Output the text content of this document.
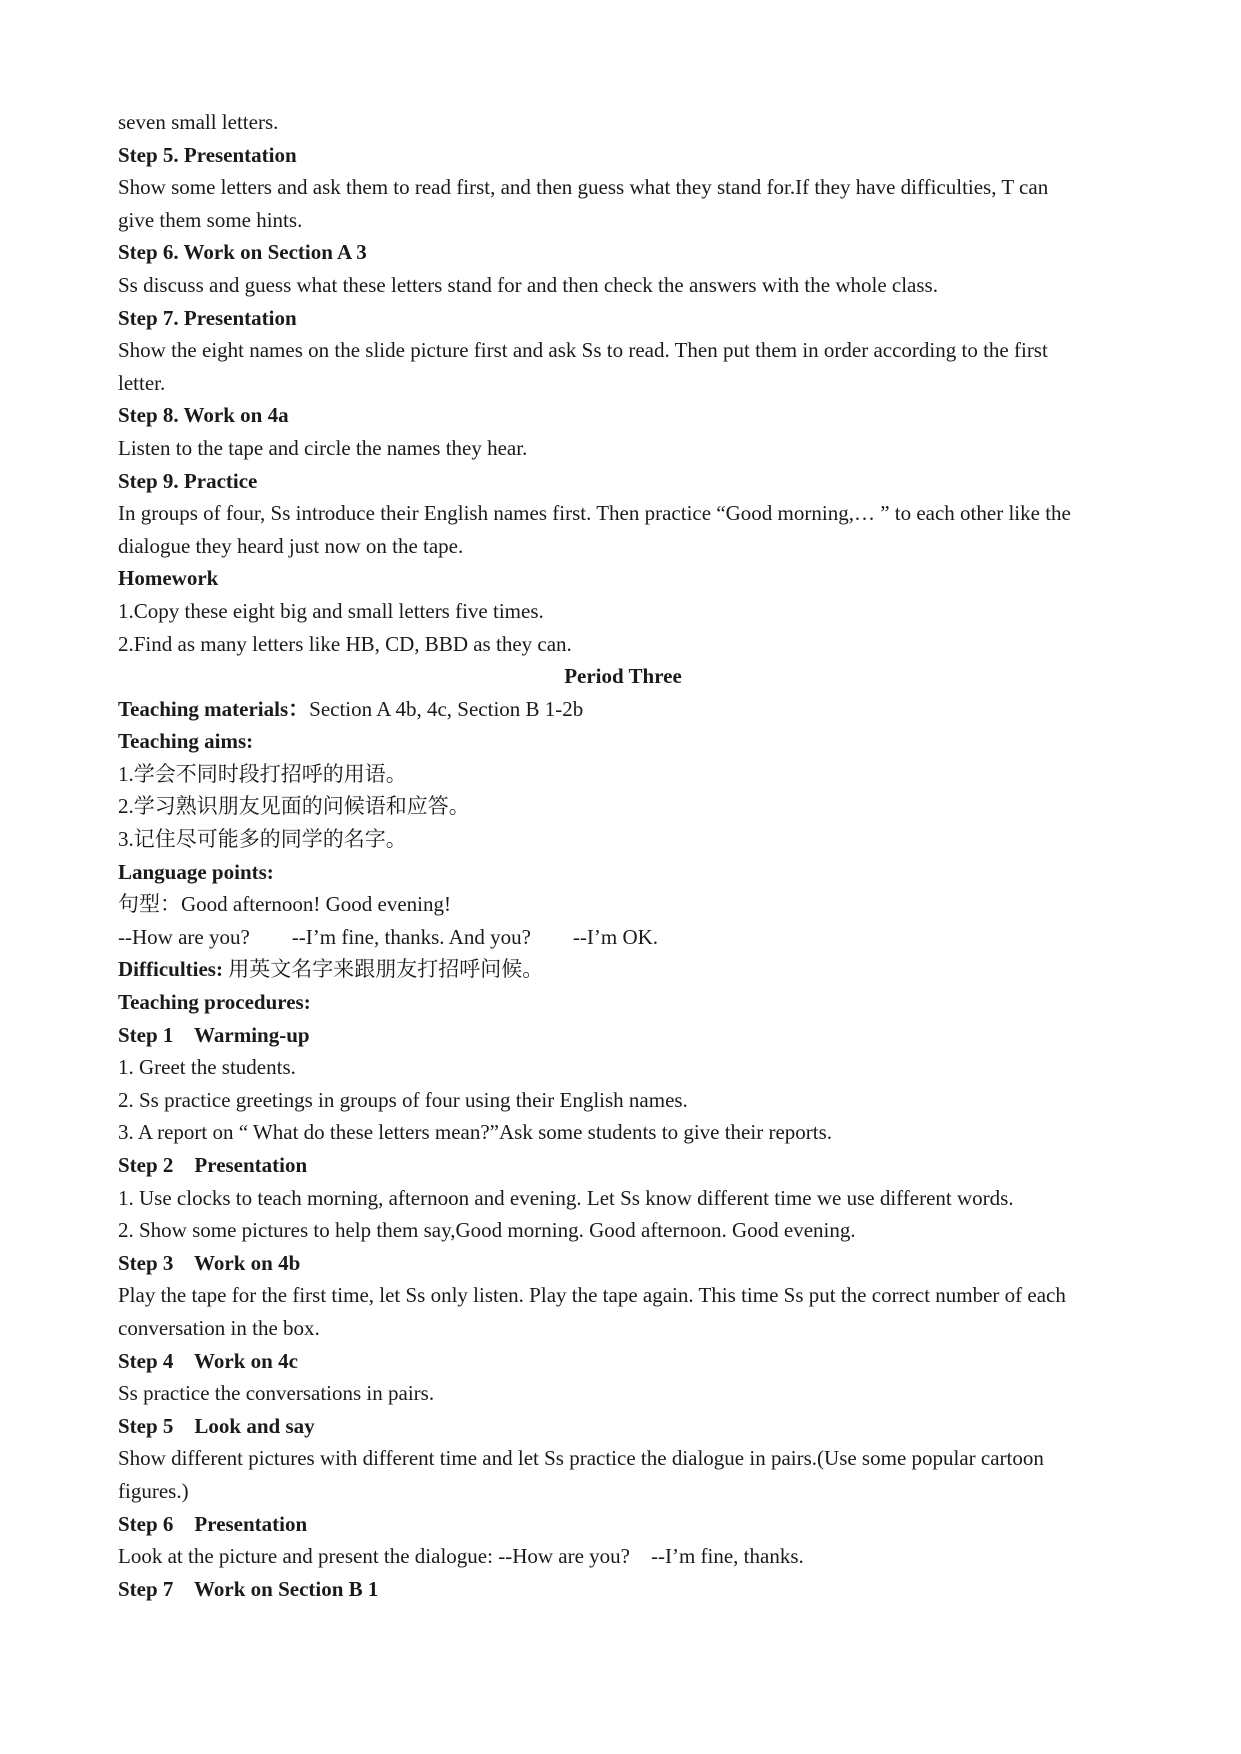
seven small letters.

Step 5. Presentation

Show some letters and ask them to read first, and then guess what they stand for.If they have difficulties, T can

give them some hints.

Step 6. Work on Section A 3

Ss discuss and guess what these letters stand for and then check the answers with the whole class.

Step 7. Presentation

Show the eight names on the slide picture first and ask Ss to read. Then put them in order according to the first

letter.

Step 8. Work on 4a

Listen to the tape and circle the names they hear.

Step 9. Practice

In groups of four, Ss introduce their English names first. Then practice “Good morning,… ” to each other like the

dialogue they heard just now on the tape.

Homework

1.Copy these eight big and small letters five times.

2.Find as many letters like HB, CD, BBD as they can.

Period Three

Teaching materials：Section A 4b, 4c, Section B 1-2b

Teaching aims:

1.学会不同时段打招呼的用语。

2.学习熟识朋友见面的问候语和应答。

3.记住尽可能多的同学的名字。

Language points:

句型：Good afternoon! Good evening!

--How are you?        --I’m fine, thanks. And you?        --I’m OK.

Difficulties: 用英文名字来跟朋友打招呼问候。

Teaching procedures:

Step 1    Warming-up

1. Greet the students.

2. Ss practice greetings in groups of four using their English names.

3. A report on “ What do these letters mean?”Ask some students to give their reports.

Step 2    Presentation

1. Use clocks to teach morning, afternoon and evening. Let Ss know different time we use different words.

2. Show some pictures to help them say,Good morning. Good afternoon. Good evening.

Step 3    Work on 4b

Play the tape for the first time, let Ss only listen. Play the tape again. This time Ss put the correct number of each

conversation in the box.

Step 4    Work on 4c

Ss practice the conversations in pairs.

Step 5    Look and say

Show different pictures with different time and let Ss practice the dialogue in pairs.(Use some popular cartoon

figures.)

Step 6    Presentation

Look at the picture and present the dialogue: --How are you?    --I’m fine, thanks.

Step 7    Work on Section B 1
